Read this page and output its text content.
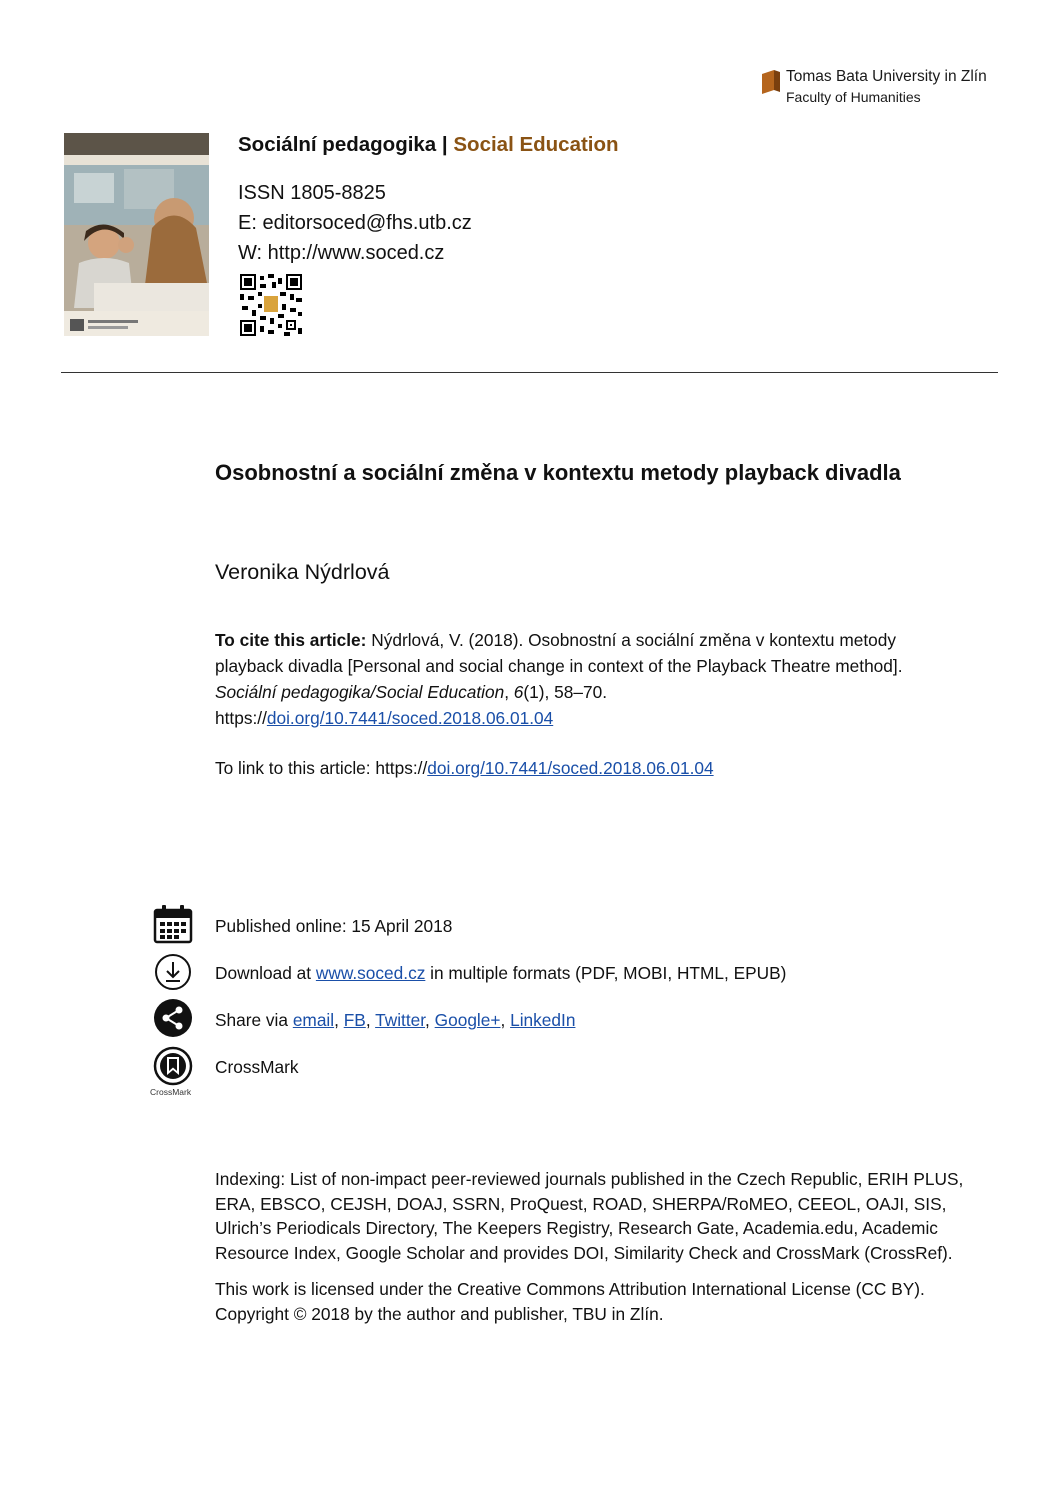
Tomas Bata University in Zlín
Faculty of Humanities
Sociální pedagogika | Social Education
ISSN 1805-8825
E: editorsoced@fhs.utb.cz
W: http://www.soced.cz
Osobnostní a sociální změna v kontextu metody playback divadla
Veronika Nýdrlová
To cite this article: Nýdrlová, V. (2018). Osobnostní a sociální změna v kontextu metody playback divadla [Personal and social change in context of the Playback Theatre method]. Sociální pedagogika/Social Education, 6(1), 58–70. https://doi.org/10.7441/soced.2018.06.01.04
To link to this article: https://doi.org/10.7441/soced.2018.06.01.04
Published online: 15 April 2018
Download at www.soced.cz in multiple formats (PDF, MOBI, HTML, EPUB)
Share via email, FB, Twitter, Google+, LinkedIn
CrossMark
CrossMark
Indexing: List of non-impact peer-reviewed journals published in the Czech Republic, ERIH PLUS, ERA, EBSCO, CEJSH, DOAJ, SSRN, ProQuest, ROAD, SHERPA/RoMEO, CEEOL, OAJI, SIS, Ulrich’s Periodicals Directory, The Keepers Registry, Research Gate, Academia.edu, Academic Resource Index, Google Scholar and provides DOI, Similarity Check and CrossMark (CrossRef).
This work is licensed under the Creative Commons Attribution International License (CC BY).
Copyright © 2018 by the author and publisher, TBU in Zlín.
